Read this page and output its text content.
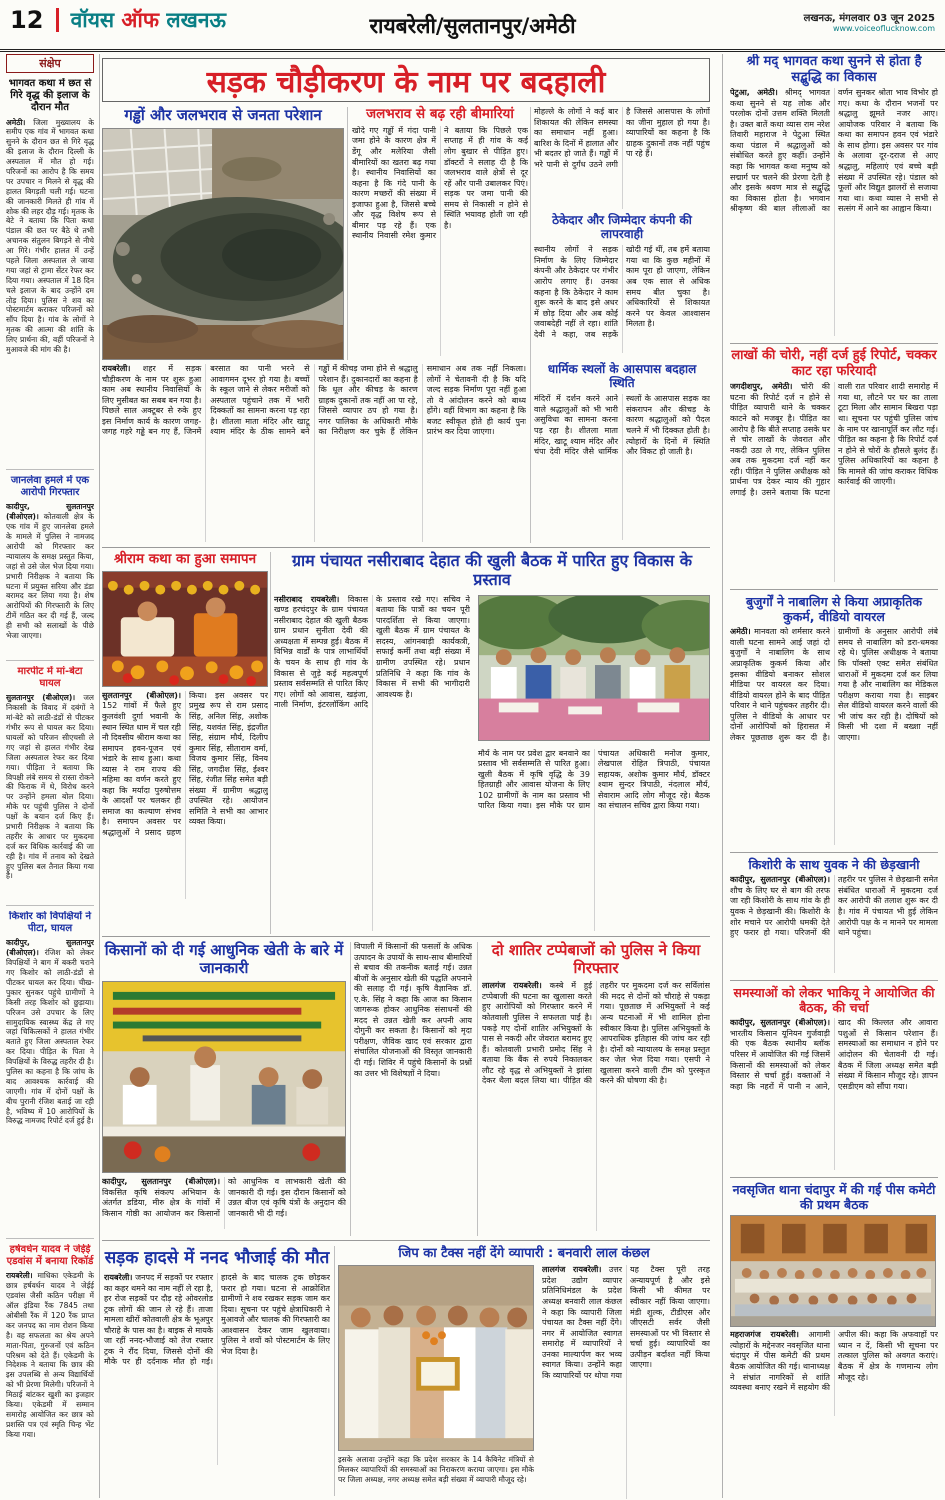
12 वॉयस ऑफ लखनऊ	रायबरेली/सुलतानपुर/अमेठी	लखनऊ, मंगलवार 03 जून 2025
www.voiceoflucknow.com
संक्षेप
भागवत कथा में छत से गिरे वृद्ध की इलाज के दौरान मौत
अमेठी। जिला मुख्यालय के समीप एक गांव में भागवत कथा सुनने के दौरान छत से गिरे वृद्ध की इलाज के दौरान दिल्ली के अस्पताल में मौत हो गई। परिजनों का आरोप है कि समय पर उपचार न मिलने से वृद्ध की हालत बिगड़ती चली गई। घटना की जानकारी मिलते ही गांव में शोक की लहर दौड़ गई। मृतक के बेटे ने बताया कि पिता कथा पंडाल की छत पर बैठे थे तभी अचानक संतुलन बिगड़ने से नीचे आ गिरे। गंभीर हालत में उन्हें पहले जिला अस्पताल ले जाया गया जहां से ट्रामा सेंटर रेफर कर दिया गया। अस्पताल में 18 दिन चले इलाज के बाद उन्होंने दम तोड़ दिया। पुलिस ने शव का पोस्टमार्टम कराकर परिजनों को सौंप दिया है। गांव के लोगों ने मृतक की आत्मा की शांति के लिए प्रार्थना की, वहीं परिजनों ने मुआवजे की मांग की है।
जानलेवा हमले में एक आरोपी गिरफ्तार
कादीपुर, सुलतानपुर (बीओएल)। कोतवाली क्षेत्र के एक गांव में हुए जानलेवा हमले के मामले में पुलिस ने नामजद आरोपी को गिरफ्तार कर न्यायालय के समक्ष प्रस्तुत किया, जहां से उसे जेल भेज दिया गया। प्रभारी निरीक्षक ने बताया कि घटना में प्रयुक्त सरिया और डंडा बरामद कर लिया गया है। शेष आरोपियों की गिरफ्तारी के लिए टीमें गठित कर दी गई हैं, जल्द ही सभी को सलाखों के पीछे भेजा जाएगा।
मारपीट में मां-बेटा घायल
सुलतानपुर (बीओएल)। जल निकासी के विवाद में दबंगों ने मां-बेटे को लाठी-डंडों से पीटकर गंभीर रूप से घायल कर दिया। घायलों को परिजन सीएचसी ले गए जहां से हालत गंभीर देख जिला अस्पताल रेफर कर दिया गया। पीड़िता ने बताया कि विपक्षी लंबे समय से रास्ता रोकने की फिराक में थे, विरोध करने पर उन्होंने हमला बोल दिया। मौके पर पहुंची पुलिस ने दोनों पक्षों के बयान दर्ज किए हैं। प्रभारी निरीक्षक ने बताया कि तहरीर के आधार पर मुकदमा दर्ज कर विधिक कार्रवाई की जा रही है। गांव में तनाव को देखते हुए पुलिस बल तैनात किया गया है।
किशोर को विपक्षियों ने पीटा, घायल
कादीपुर, सुलतानपुर (बीओएल)। रंजिश को लेकर विपक्षियों ने बाग में बकरी चराने गए किशोर को लाठी-डंडों से पीटकर घायल कर दिया। चीख-पुकार सुनकर पहुंचे ग्रामीणों ने किसी तरह किशोर को छुड़ाया। परिजन उसे उपचार के लिए सामुदायिक स्वास्थ्य केंद्र ले गए जहां चिकित्सकों ने हालत गंभीर बताते हुए जिला अस्पताल रेफर कर दिया। पीड़ित के पिता ने विपक्षियों के विरुद्ध तहरीर दी है। पुलिस का कहना है कि जांच के बाद आवश्यक कार्रवाई की जाएगी। गांव में दोनों पक्षों के बीच पुरानी रंजिश बताई जा रही है, भविष्य में 10 आरोपियों के विरुद्ध नामजद रिपोर्ट दर्ज हुई है।
हर्षवर्धन यादव ने जेईई एडवांस में बनाया रिकॉर्ड
रायबरेली। माधिका एकेडमी के छात्र हर्षवर्धन यादव ने जेईई एडवांस जैसी कठिन परीक्षा में ऑल इंडिया रैंक 7845 तथा ओबीसी रैंक में 120 रैंक प्राप्त कर जनपद का नाम रोशन किया है। वह सफलता का श्रेय अपने माता-पिता, गुरुजनों एवं कठिन परिश्रम को देते हैं। एकेडमी के निदेशक ने बताया कि छात्र की इस उपलब्धि से अन्य विद्यार्थियों को भी प्रेरणा मिलेगी। परिजनों ने मिठाई बांटकर खुशी का इजहार किया। एकेडमी में सम्मान समारोह आयोजित कर छात्र को प्रशस्ति पत्र एवं स्मृति चिन्ह भेंट किया गया।
सड़क चौड़ीकरण के नाम पर बदहाली
गड्ढों और जलभराव से जनता परेशान	जलभराव से बढ़ रही बीमारियां
खोदे गए गड्ढों में गंदा पानी जमा होने के कारण क्षेत्र में डेंगू और मलेरिया जैसी बीमारियों का खतरा बढ़ गया है। स्थानीय निवासियों का कहना है कि गंदे पानी के कारण मच्छरों की संख्या में इजाफा हुआ है, जिससे बच्चे और वृद्ध विशेष रूप से बीमार पड़ रहे हैं। एक स्थानीय निवासी रमेश कुमार ने बताया कि पिछले एक सप्ताह में ही गांव के कई लोग बुखार से पीड़ित हुए। डॉक्टरों ने सलाह दी है कि जलभराव वाले क्षेत्रों से दूर रहें और पानी उबालकर पिएं। सड़क पर जमा पानी की समय से निकासी न होने से स्थिति भयावह होती जा रही है।
मोहल्ले के लोगों ने कई बार शिकायत की लेकिन समस्या का समाधान नहीं हुआ। बारिश के दिनों में हालात और भी बदतर हो जाते हैं। गड्ढों में भरे पानी से दुर्गंध उठने लगी है जिससे आसपास के लोगों का जीना मुहाल हो गया है। व्यापारियों का कहना है कि ग्राहक दुकानों तक नहीं पहुंच पा रहे हैं।
ठेकेदार और जिम्मेदार कंपनी की लापरवाही
स्थानीय लोगों ने सड़क निर्माण के लिए जिम्मेदार कंपनी और ठेकेदार पर गंभीर आरोप लगाए हैं। उनका कहना है कि ठेकेदार ने काम शुरू करने के बाद इसे अधर में छोड़ दिया और अब कोई जवाबदेही नहीं ले रहा। शांति देवी ने कहा, जब सड़कें खोदी गई थीं, तब हमें बताया गया था कि कुछ महीनों में काम पूरा हो जाएगा, लेकिन अब एक साल से अधिक समय बीत चुका है। अधिकारियों से शिकायत करने पर केवल आश्वासन मिलता है।
रायबरेली। शहर में सड़क चौड़ीकरण के नाम पर शुरू हुआ काम अब स्थानीय निवासियों के लिए मुसीबत का सबब बन गया है। पिछले साल अक्टूबर से रुके हुए इस निर्माण कार्य के कारण जगह-जगह गहरे गड्ढे बन गए हैं, जिनमें बरसात का पानी भरने से आवागमन दूभर हो गया है। बच्चों के स्कूल जाने से लेकर मरीजों को अस्पताल पहुंचाने तक में भारी दिक्कतों का सामना करना पड़ रहा है। शीतला माता मंदिर और खाटू श्याम मंदिर के ठीक सामने बने गड्ढों में कीचड़ जमा होने से श्रद्धालु परेशान हैं। दुकानदारों का कहना है कि धूल और कीचड़ के कारण ग्राहक दुकानों तक नहीं आ पा रहे, जिससे व्यापार ठप हो गया है। नगर पालिका के अधिकारी मौके का निरीक्षण कर चुके हैं लेकिन समाधान अब तक नहीं निकला। लोगों ने चेतावनी दी है कि यदि जल्द सड़क निर्माण पूरा नहीं हुआ तो वे आंदोलन करने को बाध्य होंगे। वहीं विभाग का कहना है कि बजट स्वीकृत होते ही कार्य पुनः प्रारंभ कर दिया जाएगा।
धार्मिक स्थलों के आसपास बदहाल स्थिति
मंदिरों में दर्शन करने आने वाले श्रद्धालुओं को भी भारी असुविधा का सामना करना पड़ रहा है। शीतला माता मंदिर, खाटू श्याम मंदिर और चंपा देवी मंदिर जैसे धार्मिक स्थलों के आसपास सड़क का संकरापन और कीचड़ के कारण श्रद्धालुओं को पैदल चलने में भी दिक्कत होती है। त्योहारों के दिनों में स्थिति और विकट हो जाती है।
श्रीराम कथा का हुआ समापन
सुलतानपुर (बीओएल)। 152 गांवों में फैले हुए कुलवंशी दुर्गा भवानी के स्थान स्थित धाम में चल रही नौ दिवसीय श्रीराम कथा का समापन हवन-पूजन एवं भंडारे के साथ हुआ। कथा व्यास ने राम राज्य की महिमा का वर्णन करते हुए कहा कि मर्यादा पुरुषोत्तम के आदर्शों पर चलकर ही समाज का कल्याण संभव है। समापन अवसर पर श्रद्धालुओं ने प्रसाद ग्रहण किया। इस अवसर पर प्रमुख रूप से राम प्रसाद सिंह, अनिल सिंह, अशोक सिंह, यशवंत सिंह, इंद्रजीत सिंह, संग्राम मौर्य, दिलीप कुमार सिंह, सीताराम वर्मा, विजय कुमार सिंह, विनय सिंह, जगदीश सिंह, ईश्वर सिंह, रंजीत सिंह समेत बड़ी संख्या में ग्रामीण श्रद्धालु उपस्थित रहे। आयोजन समिति ने सभी का आभार व्यक्त किया।
ग्राम पंचायत नसीराबाद देहात की खुली बैठक में पारित हुए विकास के प्रस्ताव
नसीराबाद रायबरेली। विकास खण्ड हरचंदपुर के ग्राम पंचायत नसीराबाद देहात की खुली बैठक ग्राम प्रधान सुनीता देवी की अध्यक्षता में सम्पन्न हुई। बैठक में विभिन्न वार्डों के पात्र लाभार्थियों के चयन के साथ ही गांव के विकास से जुड़े कई महत्वपूर्ण प्रस्ताव सर्वसम्मति से पारित किए गए। लोगों को आवास, खड़ंजा, नाली निर्माण, इंटरलॉकिंग आदि के प्रस्ताव रखे गए। सचिव ने बताया कि पात्रों का चयन पूरी पारदर्शिता से किया जाएगा। खुली बैठक में ग्राम पंचायत के सदस्य, आंगनबाड़ी कार्यकत्री, सफाई कर्मी तथा बड़ी संख्या में ग्रामीण उपस्थित रहे। प्रधान प्रतिनिधि ने कहा कि गांव के विकास में सभी की भागीदारी आवश्यक है।
मौर्य के नाम पर प्रवेश द्वार बनवाने का प्रस्ताव भी सर्वसम्मति से पारित हुआ। खुली बैठक में कृषि वृद्धि के 39 हितग्राही और आवास योजना के लिए 102 ग्रामीणों के नाम का प्रस्ताव भी पारित किया गया। इस मौके पर ग्राम पंचायत अधिकारी मनोज कुमार, लेखपाल रोहित त्रिपाठी, पंचायत सहायक, अशोक कुमार मौर्य, डॉक्टर श्याम सुन्दर त्रिपाठी, नंदलाल मौर्य, सेवाराम आदि लोग मौजूद रहे। बैठक का संचालन सचिव द्वारा किया गया।
किसानों को दी गई आधुनिक खेती के बारे में जानकारी
कादीपुर, सुलतानपुर (बीओएल)। विकसित कृषि संकल्प अभियान के अंतर्गत डडिया, मीरु क्षेत्र के गांवों में किसान गोष्ठी का आयोजन कर किसानों को आधुनिक व लाभकारी खेती की जानकारी दी गई। इस दौरान किसानों को उन्नत बीज एवं कृषि यंत्रों के अनुदान की जानकारी भी दी गई।
विपाली में किसानों की फसलों के अधिक उत्पादन के उपायों के साथ-साथ बीमारियों से बचाव की तकनीक बताई गई। उन्नत बीजों के अनुसार खेती की पद्धति अपनाने की सलाह दी गई। कृषि वैज्ञानिक डॉ. ए.के. सिंह ने कहा कि आज का किसान जागरूक होकर आधुनिक संसाधनों की मदद से उन्नत खेती कर अपनी आय दोगुनी कर सकता है। किसानों को मृदा परीक्षण, जैविक खाद एवं सरकार द्वारा संचालित योजनाओं की विस्तृत जानकारी दी गई। शिविर में पहुंचे किसानों के प्रश्नों का उत्तर भी विशेषज्ञों ने दिया।
दो शातिर टप्पेबाजों को पुलिस ने किया गिरफ्तार
लालगंज रायबरेली। कस्बे में हुई टप्पेबाजी की घटना का खुलासा करते हुए आरोपियों को गिरफ्तार करने में कोतवाली पुलिस ने सफलता पाई है। पकड़े गए दोनों शातिर अभियुक्तों के पास से नकदी और जेवरात बरामद हुए हैं। कोतवाली प्रभारी प्रमोद सिंह ने बताया कि बैंक से रुपये निकालकर लौट रहे वृद्ध से अभियुक्तों ने झांसा देकर थैला बदल लिया था। पीड़ित की तहरीर पर मुकदमा दर्ज कर सर्विलांस की मदद से दोनों को चौराहे से पकड़ा गया। पूछताछ में अभियुक्तों ने कई अन्य घटनाओं में भी शामिल होना स्वीकार किया है। पुलिस अभियुक्तों के आपराधिक इतिहास की जांच कर रही है। दोनों को न्यायालय के समक्ष प्रस्तुत कर जेल भेज दिया गया। एसपी ने खुलासा करने वाली टीम को पुरस्कृत करने की घोषणा की है।
सड़क हादसे में ननद भौजाई की मौत
रायबरेली। जनपद में सड़कों पर रफ्तार का कहर थमने का नाम नहीं ले रहा है, हर रोज सड़कों पर दौड़ रहे ओवरलोड ट्रक लोगों की जान ले रहे हैं। ताजा मामला खीरों कोतवाली क्षेत्र के भूअपुर चौराहे के पास का है। बाइक से मायके जा रहीं ननद-भौजाई को तेज रफ्तार ट्रक ने रौंद दिया, जिससे दोनों की मौके पर ही दर्दनाक मौत हो गई। हादसे के बाद चालक ट्रक छोड़कर फरार हो गया। घटना से आक्रोशित ग्रामीणों ने शव रखकर सड़क जाम कर दिया। सूचना पर पहुंचे क्षेत्राधिकारी ने मुआवजे और चालक की गिरफ्तारी का आश्वासन देकर जाम खुलवाया। पुलिस ने शवों को पोस्टमार्टम के लिए भेज दिया है।
जिप का टैक्स नहीं देंगे व्यापारी : बनवारी लाल कंछल
लालगंज रायबरेली। उत्तर प्रदेश उद्योग व्यापार प्रतिनिधिमंडल के प्रदेश अध्यक्ष बनवारी लाल कंछल ने कहा कि व्यापारी जिला पंचायत का टैक्स नहीं देंगे। नगर में आयोजित स्वागत समारोह में व्यापारियों ने उनका माल्यार्पण कर भव्य स्वागत किया। उन्होंने कहा कि व्यापारियों पर थोपा गया यह टैक्स पूरी तरह अन्यायपूर्ण है और इसे किसी भी कीमत पर स्वीकार नहीं किया जाएगा। मंडी शुल्क, टीडीएस और जीएसटी सर्वर जैसी समस्याओं पर भी विस्तार से चर्चा हुई। व्यापारियों का उत्पीड़न बर्दाश्त नहीं किया जाएगा।
इसके अलावा उन्होंने कहा कि प्रदेश सरकार के 14 कैबिनेट मंत्रियों से मिलकर व्यापारियों की समस्याओं का निराकरण कराया जाएगा। इस मौके पर जिला अध्यक्ष, नगर अध्यक्ष समेत बड़ी संख्या में व्यापारी मौजूद रहे।
श्री मद् भागवत कथा सुनने से होता है सद्बुद्धि का विकास
पेटुआ, अमेठी। श्रीमद् भागवत कथा सुनने से यह लोक और परलोक दोनों उत्तम शक्ति मिलती है। उक्त बातें कथा व्यास राम नरेश तिवारी महाराज ने पेटुआ स्थित कथा पंडाल में श्रद्धालुओं को संबोधित करते हुए कहीं। उन्होंने कहा कि भागवत कथा मनुष्य को सद्मार्ग पर चलने की प्रेरणा देती है और इसके श्रवण मात्र से सद्बुद्धि का विकास होता है। भगवान श्रीकृष्ण की बाल लीलाओं का वर्णन सुनकर श्रोता भाव विभोर हो गए। कथा के दौरान भजनों पर श्रद्धालु झूमते नजर आए। आयोजक परिवार ने बताया कि कथा का समापन हवन एवं भंडारे के साथ होगा। इस अवसर पर गांव के अलावा दूर-दराज से आए श्रद्धालु, महिलाएं एवं बच्चे बड़ी संख्या में उपस्थित रहे। पंडाल को फूलों और विद्युत झालरों से सजाया गया था। कथा व्यास ने सभी से सत्संग में आने का आह्वान किया।
लाखों की चोरी, नहीं दर्ज हुई रिपोर्ट, चक्कर काट रहा फरियादी
जगदीशपुर, अमेठी। चोरी की घटना की रिपोर्ट दर्ज न होने से पीड़ित व्यापारी थाने के चक्कर काटने को मजबूर है। पीड़ित का आरोप है कि बीते सप्ताह उसके घर से चोर लाखों के जेवरात और नकदी उठा ले गए, लेकिन पुलिस अब तक मुकदमा दर्ज नहीं कर रही। पीड़ित ने पुलिस अधीक्षक को प्रार्थना पत्र देकर न्याय की गुहार लगाई है। उसने बताया कि घटना वाली रात परिवार शादी समारोह में गया था, लौटने पर घर का ताला टूटा मिला और सामान बिखरा पड़ा था। सूचना पर पहुंची पुलिस जांच के नाम पर खानापूर्ति कर लौट गई। पीड़ित का कहना है कि रिपोर्ट दर्ज न होने से चोरों के हौसले बुलंद हैं। पुलिस अधिकारियों का कहना है कि मामले की जांच कराकर विधिक कार्रवाई की जाएगी।
बुजुर्गों ने नाबालिग से किया अप्राकृतिक कुकर्म, वीडियो वायरल
अमेठी। मानवता को शर्मसार करने वाली घटना सामने आई जहां दो बुजुर्गों ने नाबालिग के साथ अप्राकृतिक कुकर्म किया और इसका वीडियो बनाकर सोशल मीडिया पर वायरल कर दिया। वीडियो वायरल होने के बाद पीड़ित परिवार ने थाने पहुंचकर तहरीर दी। पुलिस ने वीडियो के आधार पर दोनों आरोपियों को हिरासत में लेकर पूछताछ शुरू कर दी है। ग्रामीणों के अनुसार आरोपी लंबे समय से नाबालिग को डरा-धमका रहे थे। पुलिस अधीक्षक ने बताया कि पॉक्सो एक्ट समेत संबंधित धाराओं में मुकदमा दर्ज कर लिया गया है और नाबालिग का मेडिकल परीक्षण कराया गया है। साइबर सेल वीडियो वायरल करने वालों की भी जांच कर रही है। दोषियों को किसी भी दशा में बख्शा नहीं जाएगा।
किशोरी के साथ युवक ने की छेड़खानी
कादीपुर, सुलतानपुर (बीओएल)। शौच के लिए घर से बाग की तरफ जा रही किशोरी के साथ गांव के ही युवक ने छेड़खानी की। किशोरी के शोर मचाने पर आरोपी धमकी देते हुए फरार हो गया। परिजनों की तहरीर पर पुलिस ने छेड़खानी समेत संबंधित धाराओं में मुकदमा दर्ज कर आरोपी की तलाश शुरू कर दी है। गांव में पंचायत भी हुई लेकिन आरोपी पक्ष के न मानने पर मामला थाने पहुंचा।
समस्याओं को लेकर भाकियू ने आयोजित की बैठक, की चर्चा
कादीपुर, सुलतानपुर (बीओएल)। भारतीय किसान यूनियन गुर्जवाड़ी की एक बैठक स्थानीय ब्लॉक परिसर में आयोजित की गई जिसमें किसानों की समस्याओं को लेकर विस्तार से चर्चा हुई। वक्ताओं ने कहा कि नहरों में पानी न आने, खाद की किल्लत और आवारा पशुओं से किसान परेशान हैं। समस्याओं का समाधान न होने पर आंदोलन की चेतावनी दी गई। बैठक में जिला अध्यक्ष समेत बड़ी संख्या में किसान मौजूद रहे। ज्ञापन एसडीएम को सौंपा गया।
नवसृजित थाना चंदापुर में की गई पीस कमेटी की प्रथम बैठक
महराजगंज रायबरेली। आगामी त्योहारों के मद्देनजर नवसृजित थाना चंदापुर में पीस कमेटी की प्रथम बैठक आयोजित की गई। थानाध्यक्ष ने संभ्रांत नागरिकों से शांति व्यवस्था बनाए रखने में सहयोग की अपील की। कहा कि अफवाहों पर ध्यान न दें, किसी भी सूचना पर तत्काल पुलिस को अवगत कराएं। बैठक में क्षेत्र के गणमान्य लोग मौजूद रहे।
